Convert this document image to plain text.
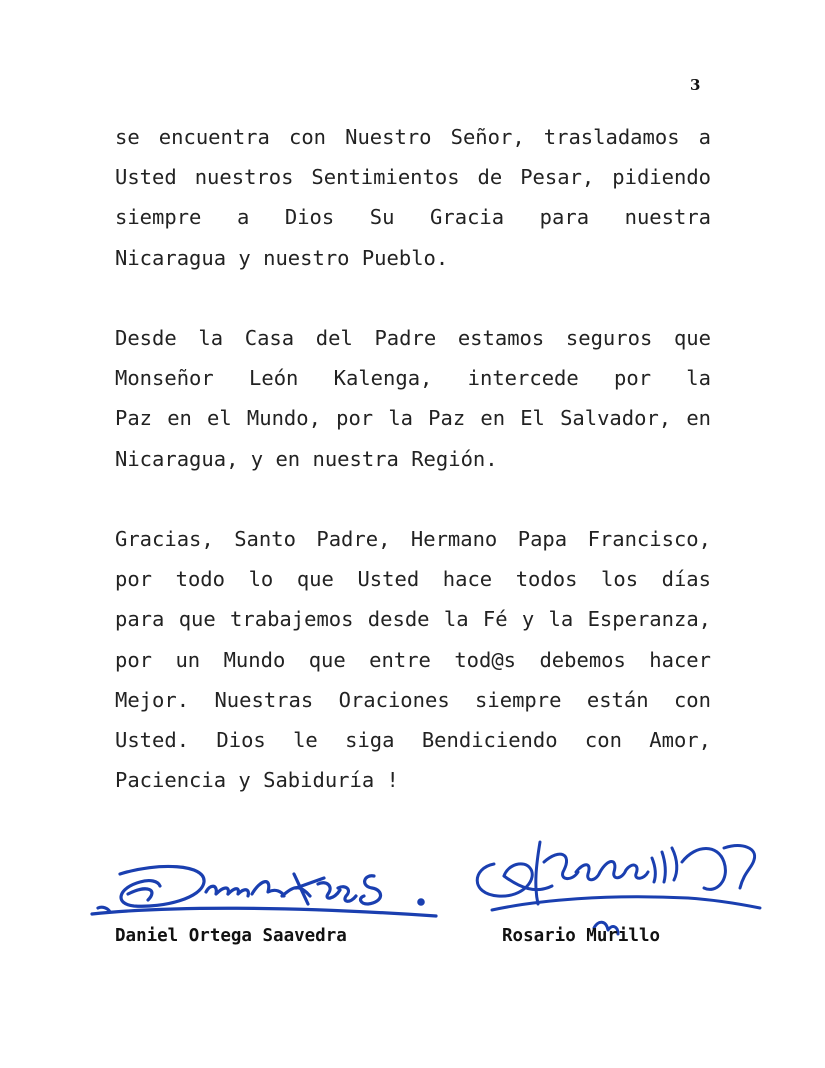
3
se encuentra con Nuestro Señor, trasladamos a
Usted nuestros Sentimientos de Pesar, pidiendo
siempre a Dios Su Gracia para nuestra
Nicaragua y nuestro Pueblo.
Desde la Casa del Padre estamos seguros que
Monseñor León Kalenga, intercede por la
Paz en el Mundo, por la Paz en El Salvador, en
Nicaragua, y en nuestra Región.
Gracias, Santo Padre, Hermano Papa Francisco,
por todo lo que Usted hace todos los días
para que trabajemos desde la Fé y la Esperanza,
por un Mundo que entre tod@s debemos hacer
Mejor. Nuestras Oraciones siempre están con
Usted. Dios le siga Bendiciendo con Amor,
Paciencia y Sabiduría !
Daniel Ortega Saavedra	Rosario Murillo
